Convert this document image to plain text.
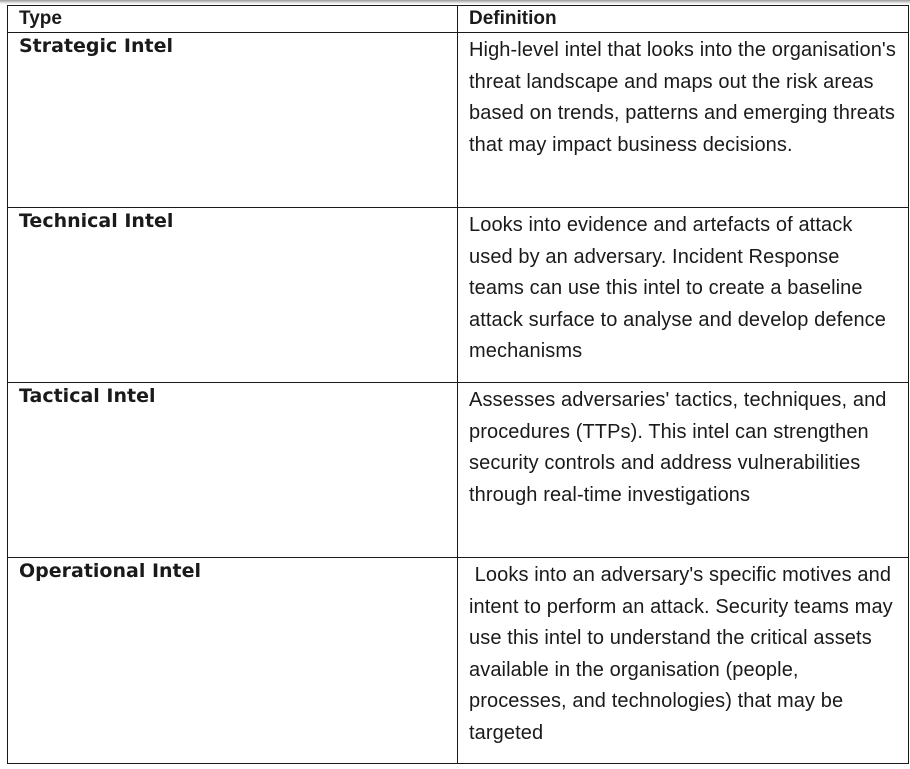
Type	Definition

Strategic Intel	High-level intel that looks into the organisation's threat landscape and maps out the risk areas based on trends, patterns and emerging threats that may impact business decisions.

Technical Intel	Looks into evidence and artefacts of attack used by an adversary. Incident Response teams can use this intel to create a baseline attack surface to analyse and develop defence mechanisms

Tactical Intel	Assesses adversaries' tactics, techniques, and procedures (TTPs). This intel can strengthen security controls and address vulnerabilities through real-time investigations

Operational Intel	Looks into an adversary's specific motives and intent to perform an attack. Security teams may use this intel to understand the critical assets available in the organisation (people, processes, and technologies) that may be targeted
